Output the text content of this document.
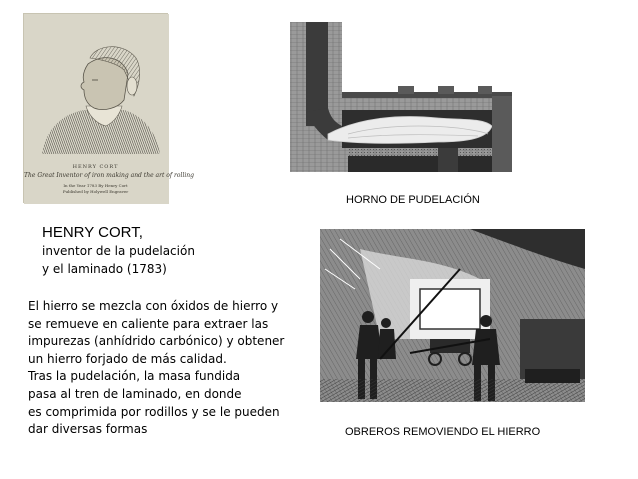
HENRY CORT
The Great Inventor of iron making and the art of rolling
In the Year 1783 By Henry Cort
Published by Holywell Engraver
HORNO DE PUDELACIÓN
HENRY CORT,
inventor de la pudelación
y el laminado (1783)
El hierro se mezcla con óxidos de hierro y
se remueve en caliente para extraer las
impurezas (anhídrido carbónico) y obtener
un hierro forjado de más calidad.
Tras la pudelación, la masa fundida
pasa al tren de laminado, en donde
es comprimida por rodillos y se le pueden
dar diversas formas	OBREROS REMOVIENDO EL HIERRO
